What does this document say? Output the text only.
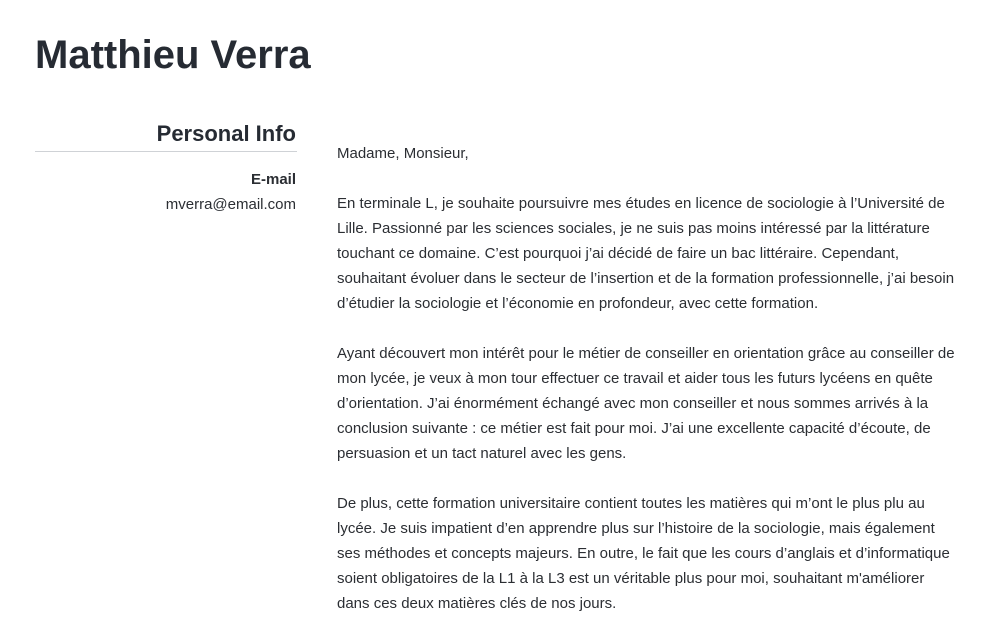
Matthieu Verra
Personal Info
E-mail
mverra@email.com

Madame, Monsieur,

En terminale L, je souhaite poursuivre mes études en licence de sociologie à l’Université de Lille. Passionné par les sciences sociales, je ne suis pas moins intéressé par la littérature touchant ce domaine. C’est pourquoi j’ai décidé de faire un bac littéraire. Cependant, souhaitant évoluer dans le secteur de l’insertion et de la formation professionnelle, j’ai besoin d’étudier la sociologie et l’économie en profondeur, avec cette formation.

Ayant découvert mon intérêt pour le métier de conseiller en orientation grâce au conseiller de mon lycée, je veux à mon tour effectuer ce travail et aider tous les futurs lycéens en quête d’orientation. J’ai énormément échangé avec mon conseiller et nous sommes arrivés à la conclusion suivante : ce métier est fait pour moi. J’ai une excellente capacité d’écoute, de persuasion et un tact naturel avec les gens.

De plus, cette formation universitaire contient toutes les matières qui m’ont le plus plu au lycée. Je suis impatient d’en apprendre plus sur l’histoire de la sociologie, mais également ses méthodes et concepts majeurs. En outre, le fait que les cours d’anglais et d’informatique soient obligatoires de la L1 à la L3 est un véritable plus pour moi, souhaitant m'améliorer dans ces deux matières clés de nos jours.
